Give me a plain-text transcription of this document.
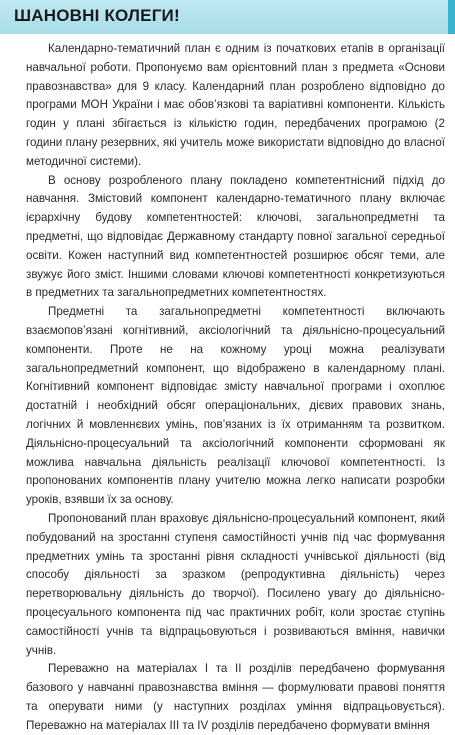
ШАНОВНІ КОЛЕГИ!

Календарно-тематичний план є одним із початкових етапів в організації навчальної роботи. Пропонуємо вам орієнтовний план з предмета «Основи правознавства» для 9 класу. Календарний план розроблено відповідно до програми МОН України і має обов’язкові та варіативні компоненти. Кількість годин у плані збігається із кількістю годин, передбачених програмою (2 години плану резервних, які учитель може використати відповідно до власної методичної системи).

В основу розробленого плану покладено компетентнісний підхід до навчання. Змістовий компонент календарно-тематичного плану включає ієрархічну будову компетентностей: ключові, загальнопредметні та предметні, що відповідає Державному стандарту повної загальної середньої освіти. Кожен наступний вид компетентностей розширює обсяг теми, але звужує його зміст. Іншими словами ключові компетентності конкретизуються в предметних та загальнопредметних компетентностях.

Предметні та загальнопредметні компетентності включають взаємопов’язані когнітивний, аксіологічний та діяльнісно-процесуальний компоненти. Проте не на кожному уроці можна реалізувати загальнопредметний компонент, що відображено в календарному плані. Когнітивний компонент відповідає змісту навчальної програми і охоплює достатній і необхідний обсяг операціональних, дієвих правових знань, логічних й мовленнєвих умінь, пов’язаних із їх отриманням та розвитком. Діяльнісно-процесуальний та аксіологічний компоненти сформовані як можлива навчальна діяльність реалізації ключової компетентності. Із пропонованих компонентів плану учителю можна легко написати розробки уроків, взявши їх за основу.

Пропонований план враховує діяльнісно-процесуальний компонент, який побудований на зростанні ступеня самостійності учнів під час формування предметних умінь та зростанні рівня складності учнівської діяльності (від способу діяльності за зразком (репродуктивна діяльність) через перетворювальну діяльність до творчої). Посилено увагу до діяльнісно-процесуального компонента під час практичних робіт, коли зростає ступінь самостійності учнів та відпрацьовуються і розвиваються вміння, навички учнів.

Переважно на матеріалах I та II розділів передбачено формування базового у навчанні правознавства вміння — формулювати правові поняття та оперувати ними (у наступних розділах уміння відпрацьовується). Переважно на матеріалах III та IV розділів передбачено формувати вміння
